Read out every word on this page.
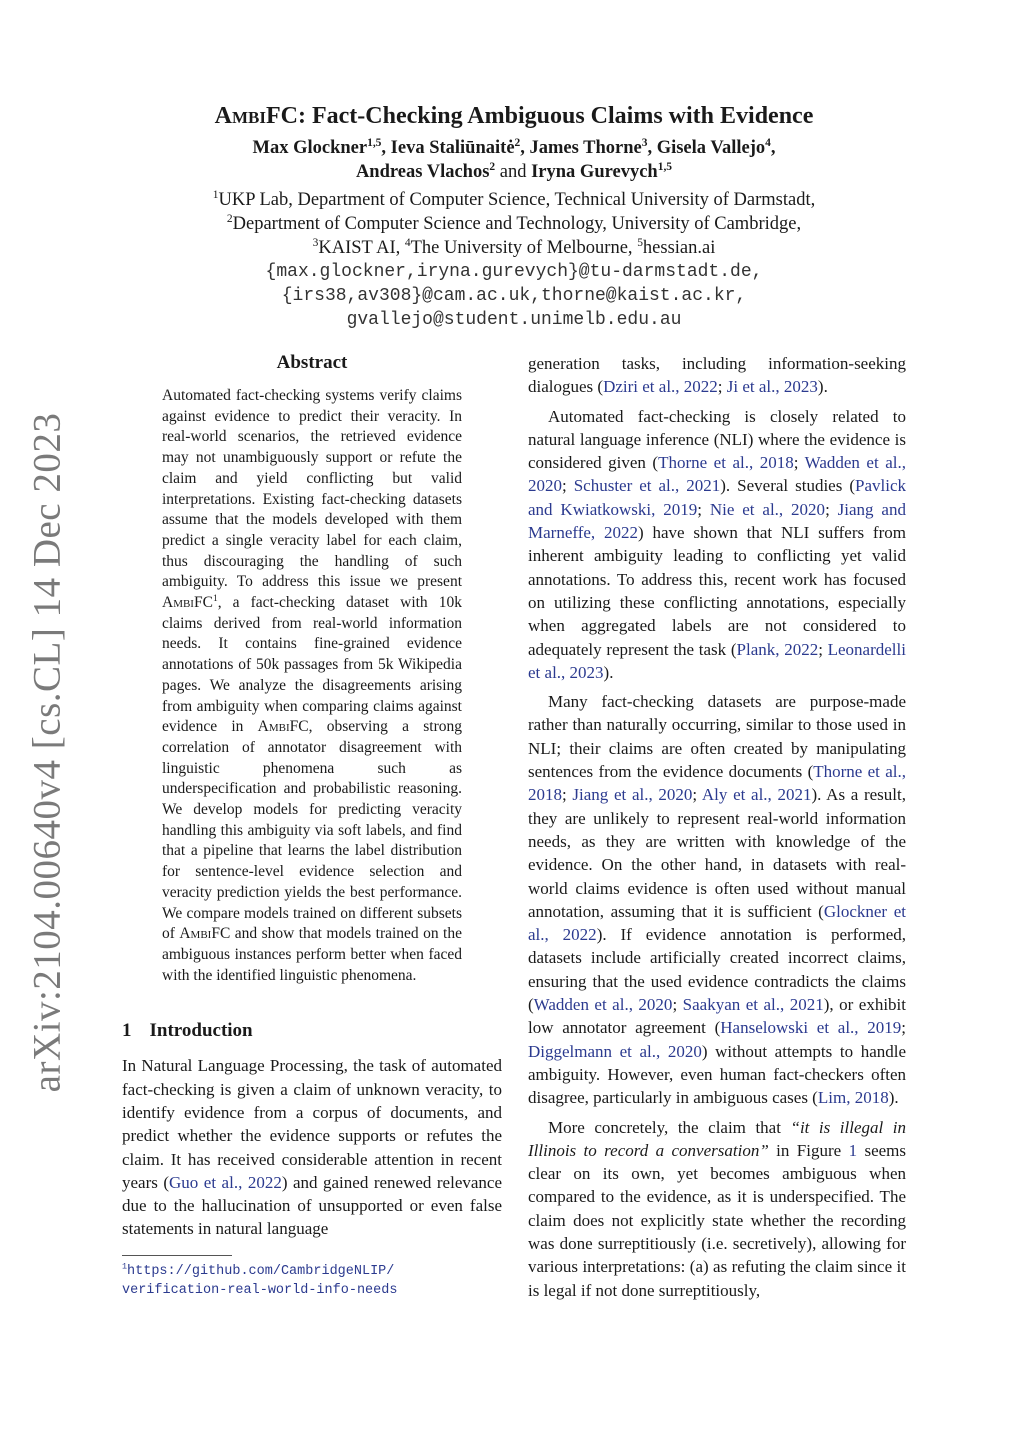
arXiv:2104.00640v4 [cs.CL] 14 Dec 2023
AmbiFC: Fact-Checking Ambiguous Claims with Evidence
Max Glockner$^{1,5}$, Ieva Staliūnaitė$^2$, James Thorne$^3$, Gisela Vallejo$^4$,
Andreas Vlachos$^2$ and Iryna Gurevych$^{1,5}$
$^1$UKP Lab, Department of Computer Science, Technical University of Darmstadt,
$^2$Department of Computer Science and Technology, University of Cambridge,
$^3$KAIST AI, $^4$The University of Melbourne, $^5$hessian.ai
{max.glockner,iryna.gurevych}@tu-darmstadt.de,
{irs38,av308}@cam.ac.uk,thorne@kaist.ac.kr,
gvallejo@student.unimelb.edu.au
Abstract
Automated fact-checking systems verify claims against evidence to predict their veracity. In real-world scenarios, the retrieved evidence may not unambiguously support or refute the claim and yield conflicting but valid interpretations. Existing fact-checking datasets assume that the models developed with them predict a single veracity label for each claim, thus discouraging the handling of such ambiguity. To address this issue we present AmbiFC$^1$, a fact-checking dataset with 10k claims derived from real-world information needs. It contains fine-grained evidence annotations of 50k passages from 5k Wikipedia pages. We analyze the disagreements arising from ambiguity when comparing claims against evidence in AmbiFC, observing a strong correlation of annotator disagreement with linguistic phenomena such as underspecification and probabilistic reasoning. We develop models for predicting veracity handling this ambiguity via soft labels, and find that a pipeline that learns the label distribution for sentence-level evidence selection and veracity prediction yields the best performance. We compare models trained on different subsets of AmbiFC and show that models trained on the ambiguous instances perform better when faced with the identified linguistic phenomena.
1 Introduction

In Natural Language Processing, the task of automated fact-checking is given a claim of unknown veracity, to identify evidence from a corpus of documents, and predict whether the evidence supports or refutes the claim. It has received considerable attention in recent years (Guo et al., 2022) and gained renewed relevance due to the hallucination of unsupported or even false statements in natural language

$^1$https://github.com/CambridgeNLIP/
verification-real-world-info-needs

generation tasks, including information-seeking dialogues (Dziri et al., 2022; Ji et al., 2023).

Automated fact-checking is closely related to natural language inference (NLI) where the evidence is considered given (Thorne et al., 2018; Wadden et al., 2020; Schuster et al., 2021). Several studies (Pavlick and Kwiatkowski, 2019; Nie et al., 2020; Jiang and Marneffe, 2022) have shown that NLI suffers from inherent ambiguity leading to conflicting yet valid annotations. To address this, recent work has focused on utilizing these conflicting annotations, especially when aggregated labels are not considered to adequately represent the task (Plank, 2022; Leonardelli et al., 2023).

Many fact-checking datasets are purpose-made rather than naturally occurring, similar to those used in NLI; their claims are often created by manipulating sentences from the evidence documents (Thorne et al., 2018; Jiang et al., 2020; Aly et al., 2021). As a result, they are unlikely to represent real-world information needs, as they are written with knowledge of the evidence. On the other hand, in datasets with real-world claims evidence is often used without manual annotation, assuming that it is sufficient (Glockner et al., 2022). If evidence annotation is performed, datasets include artificially created incorrect claims, ensuring that the used evidence contradicts the claims (Wadden et al., 2020; Saakyan et al., 2021), or exhibit low annotator agreement (Hanselowski et al., 2019; Diggelmann et al., 2020) without attempts to handle ambiguity. However, even human fact-checkers often disagree, particularly in ambiguous cases (Lim, 2018).

More concretely, the claim that “it is illegal in Illinois to record a conversation” in Figure 1 seems clear on its own, yet becomes ambiguous when compared to the evidence, as it is underspecified. The claim does not explicitly state whether the recording was done surreptitiously (i.e. secretively), allowing for various interpretations: (a) as refuting the claim since it is legal if not done surreptitiously,
